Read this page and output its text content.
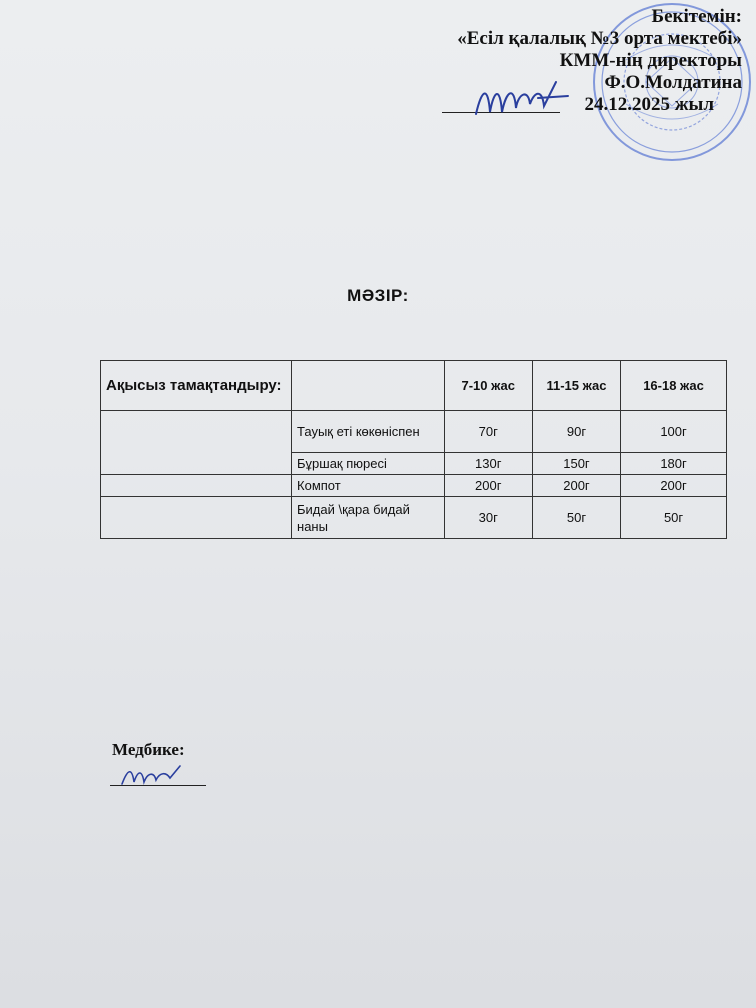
Бекітемін:
«Есіл қалалық №3 орта мектебі»
КММ-нің директоры
Ф.О.Молдатина
24.12.2025 жыл
МӘЗІР:
Ақысыз тамақтандыру:		7-10 жас	11-15 жас	16-18 жас
	Тауық еті көкөніспен	70г	90г	100г
	Бұршақ пюресі	130г	150г	180г
	Компот	200г	200г	200г
	Бидай \қара бидай наны	30г	50г	50г
Медбике:
